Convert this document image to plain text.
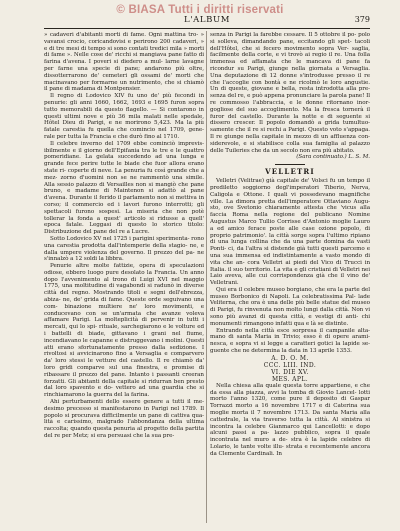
© BIASA Tutti i diritti riservati
L'ALBUM	379

» cadaveri d'abitanti morti di fame. Ogni mattina tro- » vavansi crocio, coricandovisi e perirono 200 cadaveri, » e di tre mesi di tempo si sono contati tredici mila » morti di fame ». Nelle cose de' ricchi si mangiava pane fatto di farina d'avena. I poveri si diedero a mul- larne lavagne per farne una specie di pane; andarono più oltre, dissotterrarono de' cemeteri gli ossami de' morti che macinavano per formarne un nutrimento, che si chiamò il pane di madama di Montpensier.

Il regno di Lodovico XIV fu uno de' più fecondi in penurie: gli anni 1660, 1662, 1693 e 1695 furon sopra tutto memorabili da questo flagello. — Si contarono in questi ultimi nove e più 36 mila malati nelle spedale, Hôtel Dieu di Parigi, e ne morirono 5,423. Ma la più fatale carestia fu quella che comincio nel 1709, gene- rale per tutta la Francia e che durò fino al 1710.

Il celebre inverno del 1709 ebbe cominciò imprevis- ibilmente e il giorno dell'Epifania tra le tre e le quattro pomeridiane. La gelata succedendo ad una lunga e grande fece perire tutte le biade che fuor allora erano state ri- coperte di neve. La penuria fu così grande che a mez- zorno d'uomini non se ne rammentò una simile. Alla sessio palazzo di Versailles non si mangiò che pane bruno, e madame di Maintenon si adattò al pane d'avena. Durante il ferido il parlamento non si mettiva in corso; il commercio ed i lavori furono interrotti; gli spettacoli furono sospesi. La miseria che non potè tollerar la fonda a quest' articolo si ridusse a quell' epoca fatale. Leggasi di questo lo storico titolo: Distribuzione del pane del re a Lucre.

Sotto Lodovico XV nel 1725 i parigini sperimenta- rono una carestia prodotta dall'intemperie della stagio- ne, e dalla umpere violenza del governo. Il prezzo del pa- ne s'innalzò a 12 soldi la libbra.

Penurie altre molte fattizie, opera di speculazioni odiose, ebbero luogo pure desolato la Francia. Un anno dopo l'avvenimento al trono di Luigi XVI nel maggio 1775, una moltitudine di vagabondi si radunò in diverse città del regno. Mostrando titoli e segni dell'ebrezza, abiza- ne, de' grida di fame. Queste orde seguivano una com- binazione multiere ne' loro movimenti, e conducevano con se un'armata che avanze voleva affamare Parigi. La molteplicità di pervenir in tutti i mercati, qui lo spi- rituale, sarchegiarono e le volture ed i battelli di biade, gittavano i grani nel fiume, incendiavano le capanne e distruggevano i molini. Questi atti erano sfortunatamente presso dalla sedizione. I rivoltosi si avvicinarono fino a Versaglia e comparvero da' loro stessi le vetture del castello. Il re chiamò da' loro gridi comparve sul una finestra, e promise di ribassare il prezzo del pane. Intanto i passanti creeran forzatti. Gli abitanti della capitale si ridurran ben presto dal loro spavento e do- vettero ad una guardia che si rinchiamarono la guerra del la farina.

Ahi perturbamenti dello essere genere a tutti il me- desimo precesso si manifestarono in Parigi nel 1789. Il popolo si procurava difficilmente un pane di cattiva qua- lità e carissimo, malgrado l'abbondanza della ultima raccolta; quando questa penuria al progetto della partita del re per Metz; si era persuasi che la sua pre-

senza in Parigi la farebbe cessare. Il 5 ottobre il po- polo si solleva, dimandando pane, eccitando gli spet- tacoli dell'Hôtel, che si fecero movimento sopra Ver- saglia, facilmente della corte, e vi trovò ai regio il re. Una folla immensa ed affamata che le mancava di pane fa ricondur su Parigi, giunge nella giornata a Versaglia. Una deputazione di 12 donne s'introdusse presso il re che l'accoglie con bontà e ne ricolmò le loro angustie. Un di queste, giovane e bella, resta introdotta alla pre- senza del re, e può appena pronunciare la parola pane! Il re commosso l'abbraccia, e le donne ritornano inor- gogliose del suo accoglimento. Ma la fresca tornerà il furor del castello. Durante la notte e di seguente si dissero crescer. Il popolo domandò a grida tumultuo- samente che il re si rechi a Parigi. Questo voto s'appaga. Il re giunge nella capitale in mezzo di un affluenza con- siderevole, e si stabilisce colla sua famiglia al palazzo delle Tuileries che da un secolo non era più abitato.

(Sara continuato.) L. S. M.
VELLETRI

Velletri (Velitrae) già capitale de' Volsci fu un tempo il prediletto soggiorno degl'imperatori Tiberio, Nerva, Caligola e Ottone. I quali vi possedevano magnifiche ville. La dimora pretta dell'imperatore Ottaviano Augu- sto, ove Svetonio chiaramente attesta che 'vicus alla faccia Roma nella regione del publicano Nomine Augustus Marco Tullio Corrisse d'Antonio moglie Lauro a ed amico ferace poste alle case ozione popolo, di proprio patrimonio'. la città sorge sopra l'ultimo ripiano di una lunga collina che da una parte domina da vasti Ponti- ci, da l'altra si distende già tutti questi parcemo e una sua immensa ed indistintamente a vasto mondo di vita che an- cora Velletri ai piedi del Vico di Trucci in Italia. il suo territorio. La vita e gli cristiani di Velletri nei Laio aveva, alle cui corrispondenza già che il vino de' Velletrani.

Qui era il celebre museo borgiano, che era la parte del museo Borbonico di Napoli. La celebratissima Pal- lade Veliterna, che ora è una delle più belle statue del museo di Parigi, fu rinvenuta non molto lungi dalla città. Non vi sono più avanzi di questa città, e vestigi di anti- chi monumenti rimangono infatti qua e là se distinte.

Entrando nella città esce sorpresa il campanile alta- mano di santa Maria in Trivio; esso è di opere arami- nesca, e sopra vi si legge a caratteri gotici la lapide se- guente che ne determina la data in 13 aprile 1353.

A. D. O. M.
CCC. LIII. IND.
VI. DIE XV.
MES. APL.

Nella chiesa alla quale questa torre appartiene, e che da essa alla piazza, avvi la tomba di Giovio Lancel- lotti morto l'anno 1320, come pure il deposito di Gaspar Torrazzi morto a 16 novembre 1717 e di Caterina sua moglie morta il 7 novembre 1713. Da santa Maria alla cattedrale, la via traverso tutta la città. Al sinistra si incontra la celebre Gianmarco qui Lancellotti: e dopo alcuni passi a pa- lazzo pubblico, sopra il quale incontrata nel muro a de- stra è la lapide celebre di Lolario, le tante volte illu- strata e recentemente ancora da Clemente Cardinali. In
